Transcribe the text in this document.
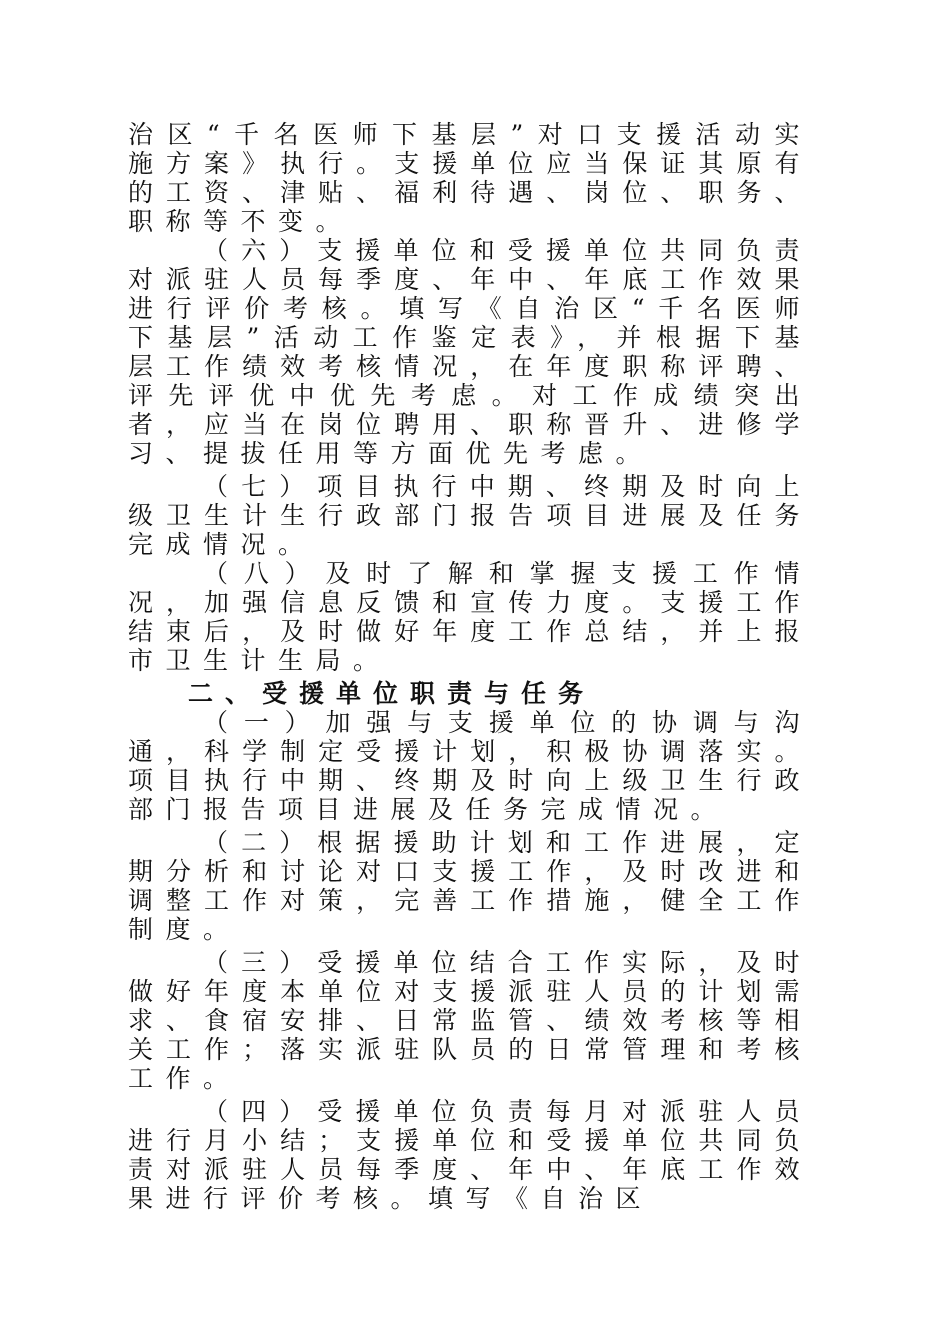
治区“千名医师下基层”对口支援活动实施方案》执行。支援单位应当保证其原有的工资、津贴、福利待遇、岗位、职务、职称等不变。

（六）支援单位和受援单位共同负责对派驻人员每季度、年中、年底工作效果进行评价考核。填写《自治区“千名医师下基层”活动工作鉴定表》，并根据下基层工作绩效考核情况，在年度职称评聘、评先评优中优先考虑。对工作成绩突出者，应当在岗位聘用、职称晋升、进修学习、提拔任用等方面优先考虑。

（七）项目执行中期、终期及时向上级卫生计生行政部门报告项目进展及任务完成情况。

（八）及时了解和掌握支援工作情况，加强信息反馈和宣传力度。支援工作结束后，及时做好年度工作总结，并上报市卫生计生局。

二、受援单位职责与任务

（一）加强与支援单位的协调与沟通，科学制定受援计划，积极协调落实。项目执行中期、终期及时向上级卫生行政部门报告项目进展及任务完成情况。

（二）根据援助计划和工作进展，定期分析和讨论对口支援工作，及时改进和调整工作对策，完善工作措施，健全工作制度。

（三）受援单位结合工作实际，及时做好年度本单位对支援派驻人员的计划需求、食宿安排、日常监管、绩效考核等相关工作；落实派驻队员的日常管理和考核工作。

（四）受援单位负责每月对派驻人员进行月小结；支援单位和受援单位共同负责对派驻人员每季度、年中、年底工作效果进行评价考核。填写《自治区
